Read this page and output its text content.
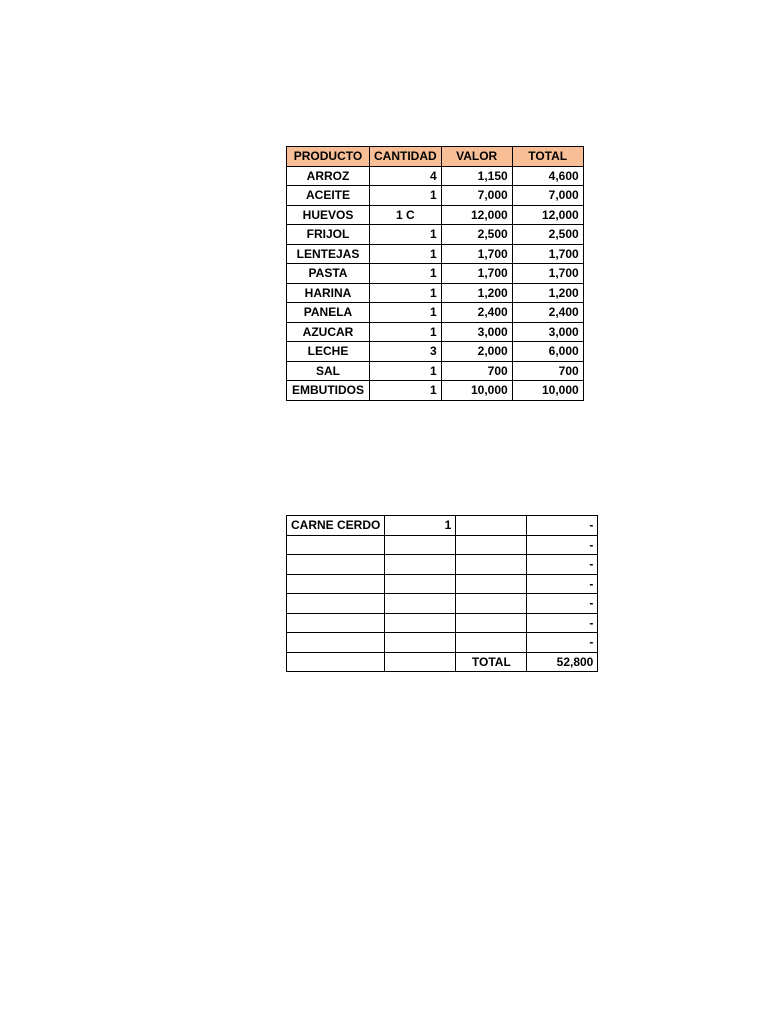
PRODUCTO	CANTIDAD	VALOR	TOTAL
ARROZ	4	1,150	4,600
ACEITE	1	7,000	7,000
HUEVOS	1 C	12,000	12,000
FRIJOL	1	2,500	2,500
LENTEJAS	1	1,700	1,700
PASTA	1	1,700	1,700
HARINA	1	1,200	1,200
PANELA	1	2,400	2,400
AZUCAR	1	3,000	3,000
LECHE	3	2,000	6,000
SAL	1	700	700
EMBUTIDOS	1	10,000	10,000
CARNE CERDO	1		-
			-
			-
			-
			-
			-
			-
		TOTAL	52,800
